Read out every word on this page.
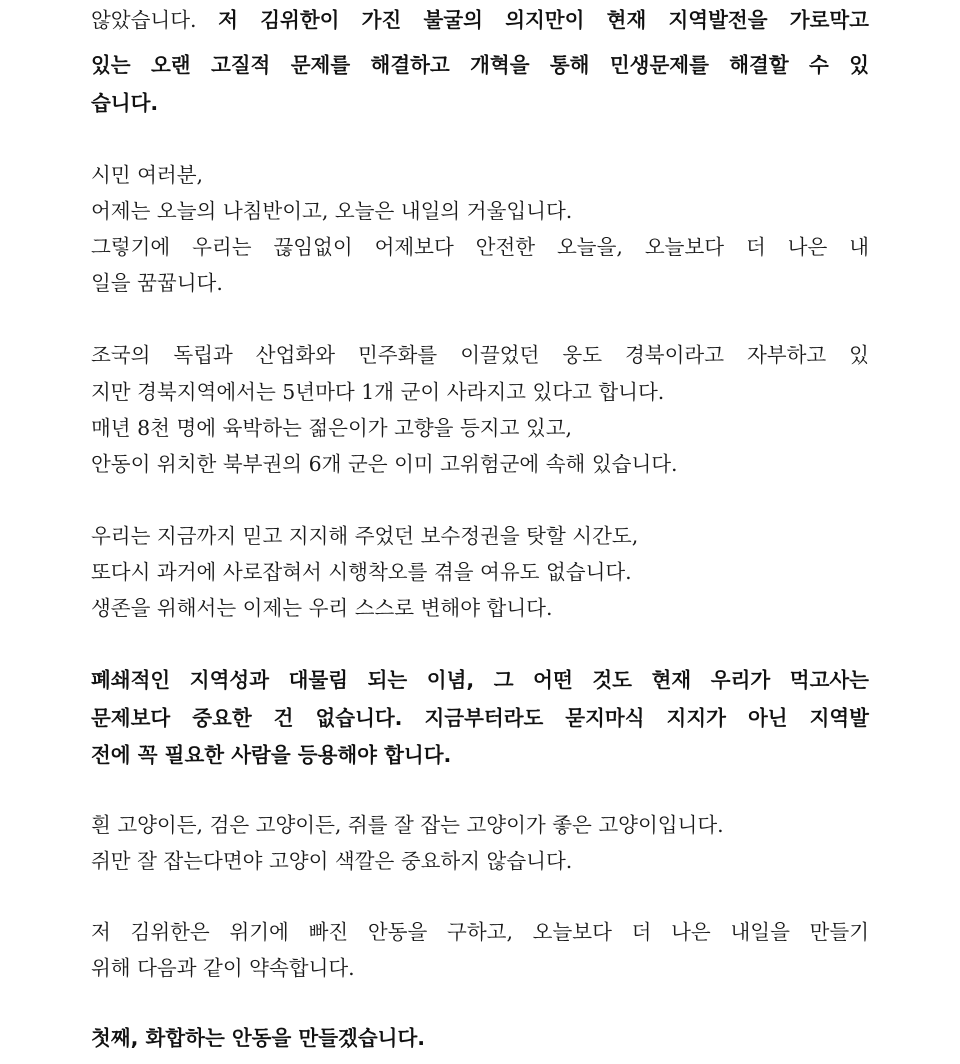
않았습니다. 저 김위한이 가진 불굴의 의지만이 현재 지역발전을 가로막고
있는 오랜 고질적 문제를 해결하고 개혁을 통해 민생문제를 해결할 수 있
습니다.
시민 여러분,
어제는 오늘의 나침반이고, 오늘은 내일의 거울입니다.
그렇기에 우리는 끊임없이 어제보다 안전한 오늘을, 오늘보다 더 나은 내
일을 꿈꿉니다.
조국의 독립과 산업화와 민주화를 이끌었던 웅도 경북이라고 자부하고 있
지만 경북지역에서는 5년마다 1개 군이 사라지고 있다고 합니다.
매년 8천 명에 육박하는 젊은이가 고향을 등지고 있고,
안동이 위치한 북부권의 6개 군은 이미 고위험군에 속해 있습니다.
우리는 지금까지 믿고 지지해 주었던 보수정권을 탓할 시간도,
또다시 과거에 사로잡혀서 시행착오를 겪을 여유도 없습니다.
생존을 위해서는 이제는 우리 스스로 변해야 합니다.
폐쇄적인 지역성과 대물림 되는 이념, 그 어떤 것도 현재 우리가 먹고사는
문제보다 중요한 건 없습니다. 지금부터라도 묻지마식 지지가 아닌 지역발
전에 꼭 필요한 사람을 등용해야 합니다.
흰 고양이든, 검은 고양이든, 쥐를 잘 잡는 고양이가 좋은 고양이입니다.
쥐만 잘 잡는다면야 고양이 색깔은 중요하지 않습니다.
저 김위한은 위기에 빠진 안동을 구하고, 오늘보다 더 나은 내일을 만들기
위해 다음과 같이 약속합니다.
첫째, 화합하는 안동을 만들겠습니다.
